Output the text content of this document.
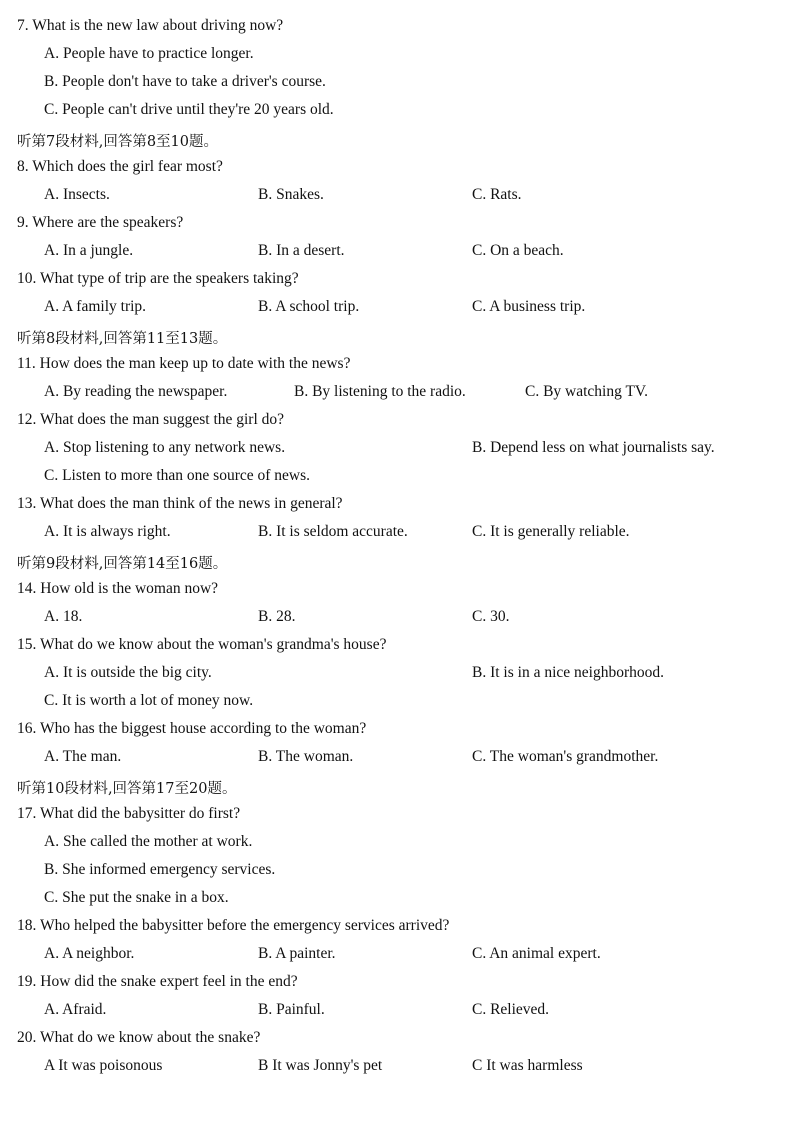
7. What is the new law about driving now?
A. People have to practice longer.
B. People don't have to take a driver's course.
C. People can't drive until they're 20 years old.
听第7段材料,回答第8至10题。
8. Which does the girl fear most?
A. Insects.	B. Snakes.	C. Rats.
9. Where are the speakers?
A. In a jungle.	B. In a desert.	C. On a beach.
10. What type of trip are the speakers taking?
A. A family trip.	B. A school trip.	C. A business trip.
听第8段材料,回答第11至13题。
11. How does the man keep up to date with the news?
A. By reading the newspaper.	B. By listening to the radio.	C. By watching TV.
12. What does the man suggest the girl do?
A. Stop listening to any network news.	B. Depend less on what journalists say.
C. Listen to more than one source of news.
13. What does the man think of the news in general?
A. It is always right.	B. It is seldom accurate.	C. It is generally reliable.
听第9段材料,回答第14至16题。
14. How old is the woman now?
A. 18.	B. 28.	C. 30.
15. What do we know about the woman's grandma's house?
A. It is outside the big city.	B. It is in a nice neighborhood.
C. It is worth a lot of money now.
16. Who has the biggest house according to the woman?
A. The man.	B. The woman.	C. The woman's grandmother.
听第10段材料,回答第17至20题。
17. What did the babysitter do first?
A. She called the mother at work.
B. She informed emergency services.
C. She put the snake in a box.
18. Who helped the babysitter before the emergency services arrived?
A. A neighbor.	B. A painter.	C. An animal expert.
19. How did the snake expert feel in the end?
A. Afraid.	B. Painful.	C. Relieved.
20. What do we know about the snake?
A It was poisonous	B It was Jonny's pet	C It was harmless
